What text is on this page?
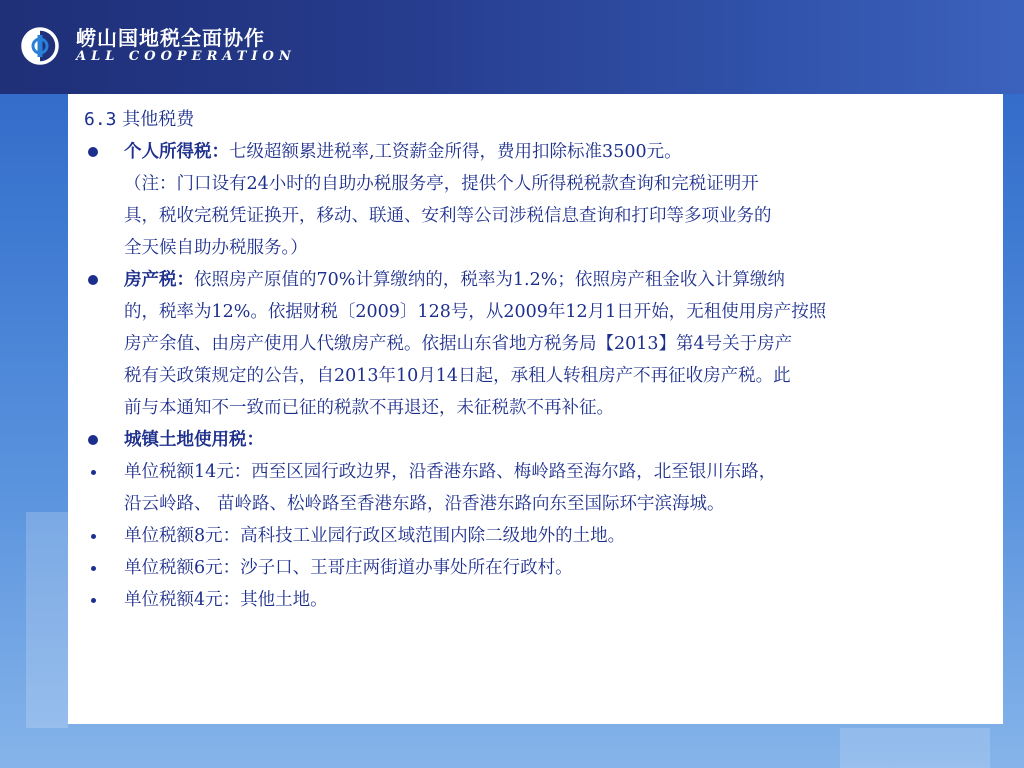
崂山国地税全面协作
ALL COOPERATION
6.3 其他税费
个人所得税：七级超额累进税率,工资薪金所得，费用扣除标准3500元。
（注：门口设有24小时的自助办税服务亭，提供个人所得税税款查询和完税证明开
具，税收完税凭证换开，移动、联通、安利等公司涉税信息查询和打印等多项业务的
全天候自助办税服务。）
房产税：依照房产原值的70%计算缴纳的，税率为1.2%；依照房产租金收入计算缴纳
的，税率为12%。依据财税〔2009〕128号，从2009年12月1日开始，无租使用房产按照
房产余值、由房产使用人代缴房产税。依据山东省地方税务局【2013】第4号关于房产
税有关政策规定的公告，自2013年10月14日起，承租人转租房产不再征收房产税。此
前与本通知不一致而已征的税款不再退还，未征税款不再补征。
城镇土地使用税：
单位税额14元：西至区园行政边界，沿香港东路、梅岭路至海尔路，北至银川东路，
沿云岭路、 苗岭路、松岭路至香港东路，沿香港东路向东至国际环宇滨海城。
单位税额8元：高科技工业园行政区域范围内除二级地外的土地。
单位税额6元：沙子口、王哥庄两街道办事处所在行政村。
单位税额4元：其他土地。
